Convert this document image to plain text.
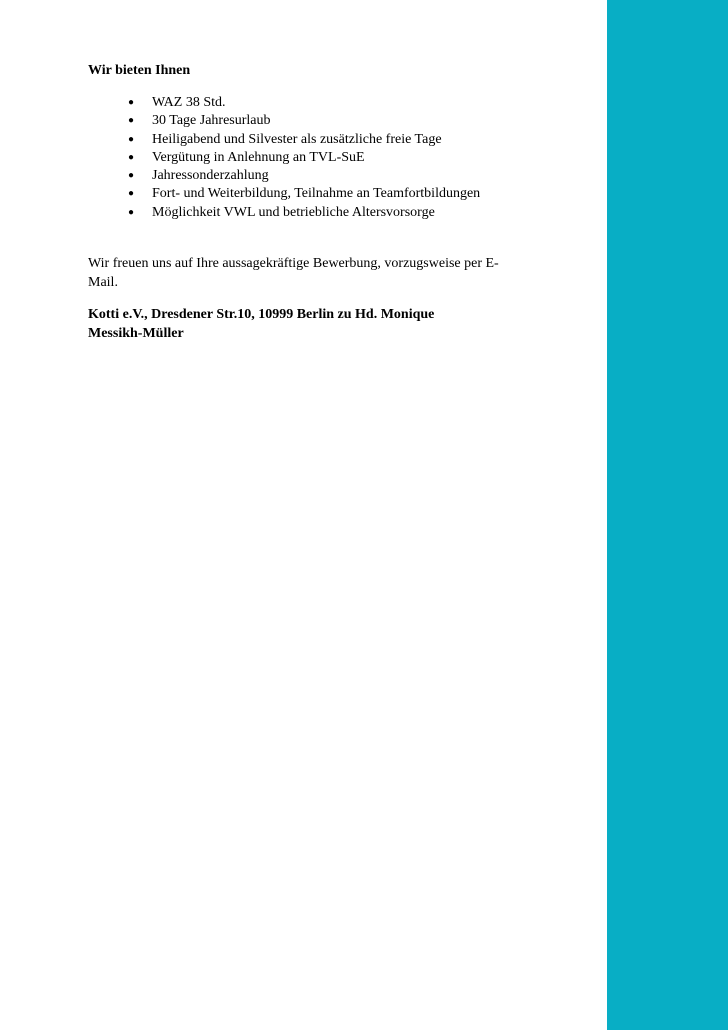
Wir bieten Ihnen

● WAZ 38 Std.
● 30 Tage Jahresurlaub
● Heiligabend und Silvester als zusätzliche freie Tage
● Vergütung in Anlehnung an TVL-SuE
● Jahressonderzahlung
● Fort- und Weiterbildung, Teilnahme an Teamfortbildungen
● Möglichkeit VWL und betriebliche Altersvorsorge

Wir freuen uns auf Ihre aussagekräftige Bewerbung, vorzugsweise per E-Mail.

Kotti e.V., Dresdener Str.10, 10999 Berlin zu Hd. Monique
Messikh-Müller
